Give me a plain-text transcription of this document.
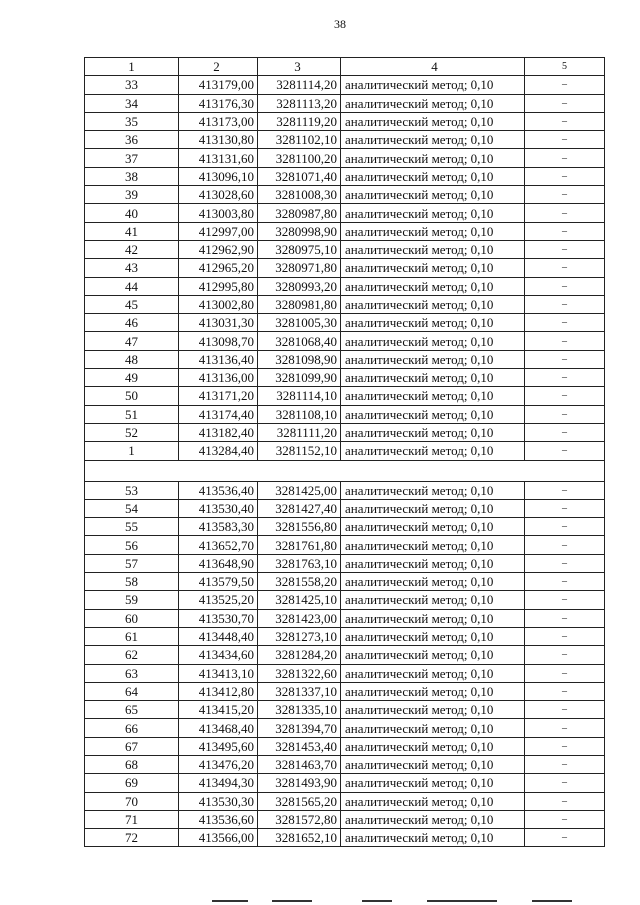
38
1	2	3	4	5
33	413179,00	3281114,20	аналитический метод; 0,10	–
34	413176,30	3281113,20	аналитический метод; 0,10	–
35	413173,00	3281119,20	аналитический метод; 0,10	–
36	413130,80	3281102,10	аналитический метод; 0,10	–
37	413131,60	3281100,20	аналитический метод; 0,10	–
38	413096,10	3281071,40	аналитический метод; 0,10	–
39	413028,60	3281008,30	аналитический метод; 0,10	–
40	413003,80	3280987,80	аналитический метод; 0,10	–
41	412997,00	3280998,90	аналитический метод; 0,10	–
42	412962,90	3280975,10	аналитический метод; 0,10	–
43	412965,20	3280971,80	аналитический метод; 0,10	–
44	412995,80	3280993,20	аналитический метод; 0,10	–
45	413002,80	3280981,80	аналитический метод; 0,10	–
46	413031,30	3281005,30	аналитический метод; 0,10	–
47	413098,70	3281068,40	аналитический метод; 0,10	–
48	413136,40	3281098,90	аналитический метод; 0,10	–
49	413136,00	3281099,90	аналитический метод; 0,10	–
50	413171,20	3281114,10	аналитический метод; 0,10	–
51	413174,40	3281108,10	аналитический метод; 0,10	–
52	413182,40	3281111,20	аналитический метод; 0,10	–
1	413284,40	3281152,10	аналитический метод; 0,10	–

53	413536,40	3281425,00	аналитический метод; 0,10	–
54	413530,40	3281427,40	аналитический метод; 0,10	–
55	413583,30	3281556,80	аналитический метод; 0,10	–
56	413652,70	3281761,80	аналитический метод; 0,10	–
57	413648,90	3281763,10	аналитический метод; 0,10	–
58	413579,50	3281558,20	аналитический метод; 0,10	–
59	413525,20	3281425,10	аналитический метод; 0,10	–
60	413530,70	3281423,00	аналитический метод; 0,10	–
61	413448,40	3281273,10	аналитический метод; 0,10	–
62	413434,60	3281284,20	аналитический метод; 0,10	–
63	413413,10	3281322,60	аналитический метод; 0,10	–
64	413412,80	3281337,10	аналитический метод; 0,10	–
65	413415,20	3281335,10	аналитический метод; 0,10	–
66	413468,40	3281394,70	аналитический метод; 0,10	–
67	413495,60	3281453,40	аналитический метод; 0,10	–
68	413476,20	3281463,70	аналитический метод; 0,10	–
69	413494,30	3281493,90	аналитический метод; 0,10	–
70	413530,30	3281565,20	аналитический метод; 0,10	–
71	413536,60	3281572,80	аналитический метод; 0,10	–
72	413566,00	3281652,10	аналитический метод; 0,10	–
